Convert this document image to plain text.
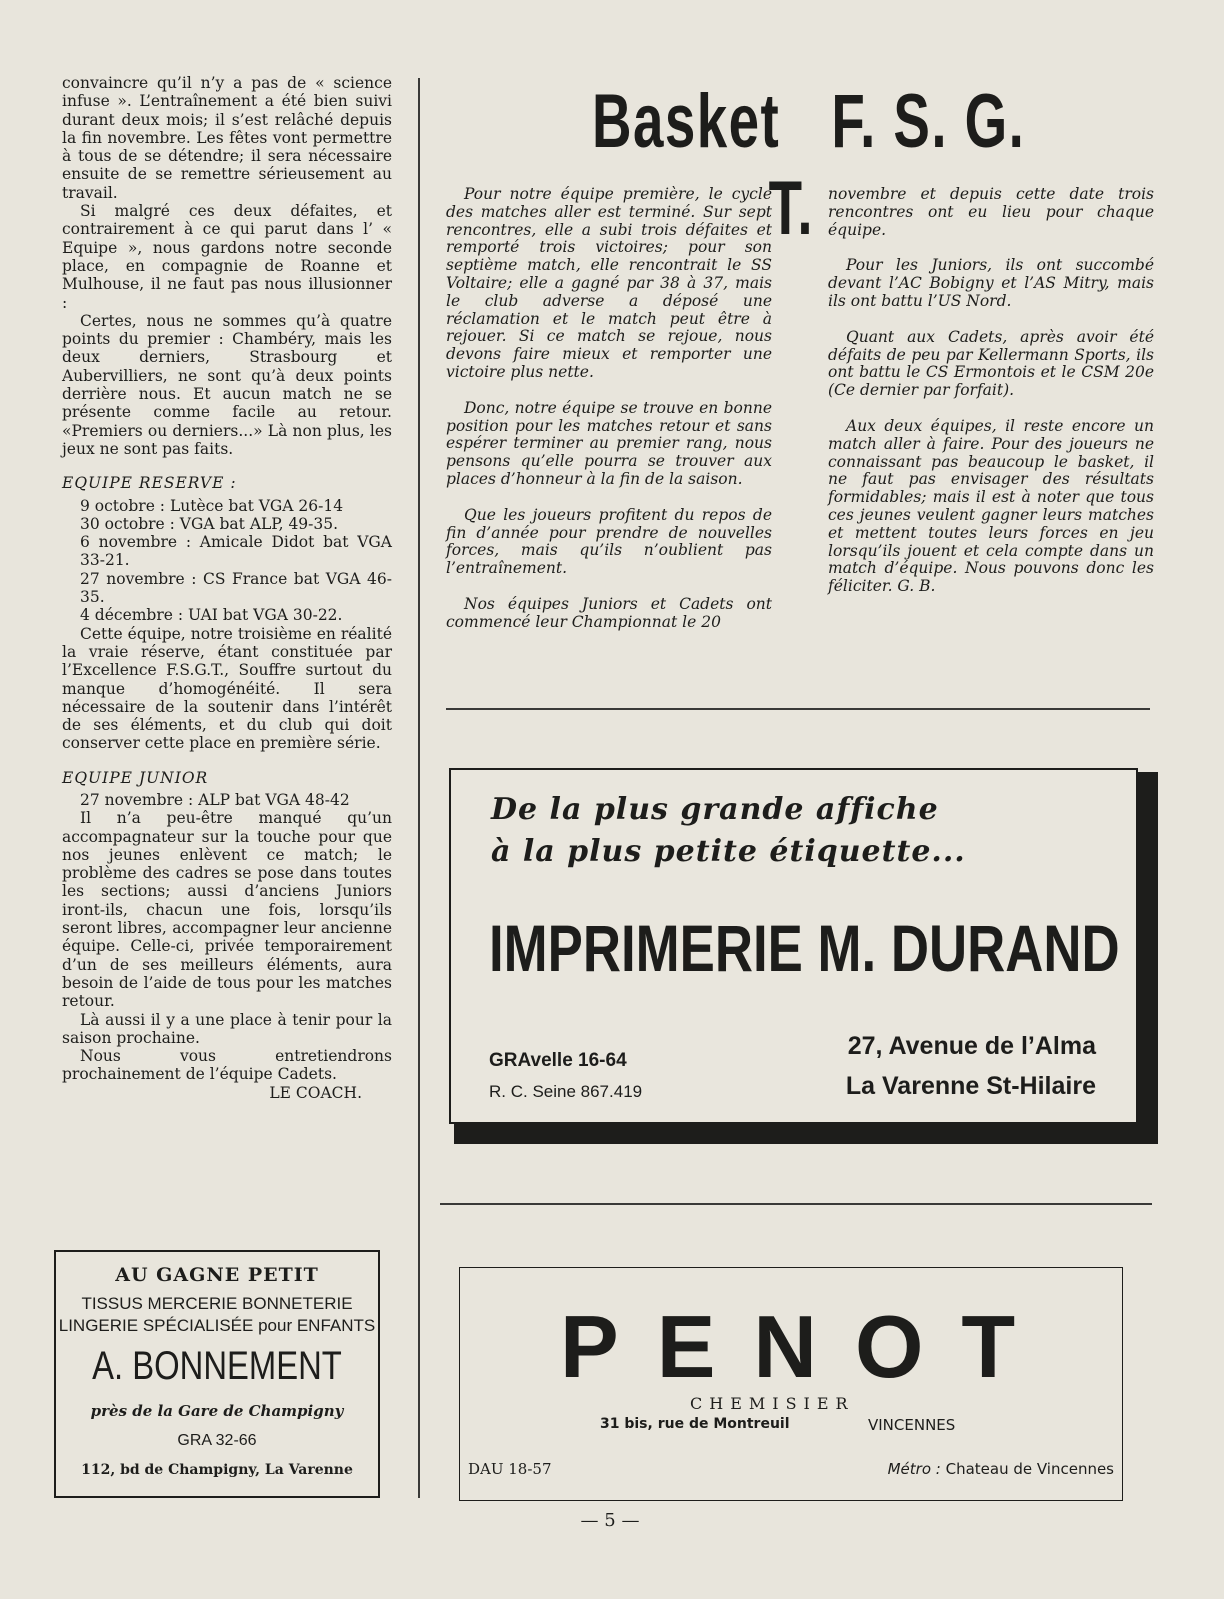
convaincre qu’il n’y a pas de « science infuse ». L’entraînement a été bien suivi durant deux mois; il s’est relâché depuis la fin novembre. Les fêtes vont permettre à tous de se détendre; il sera nécessaire ensuite de se remettre sérieusement au travail.

Si malgré ces deux défaites, et contrairement à ce qui parut dans l’ « Equipe », nous gardons notre seconde place, en compagnie de Roanne et Mulhouse, il ne faut pas nous illusionner :

Certes, nous ne sommes qu’à quatre points du premier : Chambéry, mais les deux derniers, Strasbourg et Aubervilliers, ne sont qu’à deux points derrière nous. Et aucun match ne se présente comme facile au retour. «Premiers ou derniers...» Là non plus, les jeux ne sont pas faits.

EQUIPE RESERVE :

9 octobre : Lutèce bat VGA 26-14
30 octobre : VGA bat ALP, 49-35.
6 novembre : Amicale Didot bat VGA 33-21.
27 novembre : CS France bat VGA 46-35.
4 décembre : UAI bat VGA 30-22.

Cette équipe, notre troisième en réalité la vraie réserve, étant constituée par l’Excellence F.S.G.T., Souffre surtout du manque d’homogénéité. Il sera nécessaire de la soutenir dans l’intérêt de ses éléments, et du club qui doit conserver cette place en première série.

EQUIPE JUNIOR

27 novembre : ALP bat VGA 48-42

Il n’a peu-être manqué qu’un accompagnateur sur la touche pour que nos jeunes enlèvent ce match; le problème des cadres se pose dans toutes les sections; aussi d’anciens Juniors iront-ils, chacun une fois, lorsqu’ils seront libres, accompagner leur ancienne équipe. Celle-ci, privée temporairement d’un de ses meilleurs éléments, aura besoin de l’aide de tous pour les matches retour.

Là aussi il y a une place à tenir pour la saison prochaine.

Nous vous entretiendrons prochainement de l’équipe Cadets.

LE COACH.

Basket F. S. G. T.

Pour notre équipe première, le cycle des matches aller est terminé. Sur sept rencontres, elle a subi trois défaites et remporté trois victoires; pour son septième match, elle rencontrait le SS Voltaire; elle a gagné par 38 à 37, mais le club adverse a déposé une réclamation et le match peut être à rejouer. Si ce match se rejoue, nous devons faire mieux et remporter une victoire plus nette.

Donc, notre équipe se trouve en bonne position pour les matches retour et sans espérer terminer au premier rang, nous pensons qu’elle pourra se trouver aux places d’honneur à la fin de la saison.

Que les joueurs profitent du repos de fin d’année pour prendre de nouvelles forces, mais qu’ils n’oublient pas l’entraînement.

Nos équipes Juniors et Cadets ont commencé leur Championnat le 20

novembre et depuis cette date trois rencontres ont eu lieu pour chaque équipe.

Pour les Juniors, ils ont succombé devant l’AC Bobigny et l’AS Mitry, mais ils ont battu l’US Nord.

Quant aux Cadets, après avoir été défaits de peu par Kellermann Sports, ils ont battu le CS Ermontois et le CSM 20e (Ce dernier par forfait).

Aux deux équipes, il reste encore un match aller à faire. Pour des joueurs ne connaissant pas beaucoup le basket, il ne faut pas envisager des résultats formidables; mais il est à noter que tous ces jeunes veulent gagner leurs matches et mettent toutes leurs forces en jeu lorsqu’ils jouent et cela compte dans un match d’équipe. Nous pouvons donc les féliciter. G. B.

De la plus grande affiche
à la plus petite étiquette...
IMPRIMERIE M. DURAND
GRAvelle 16-64
R. C. Seine 867.419
27, Avenue de l’Alma
La Varenne St-Hilaire
AU GAGNE PETIT
TISSUS MERCERIE BONNETERIE
LINGERIE SPÉCIALISÉE pour ENFANTS
A. BONNEMENT
près de la Gare de Champigny
GRA 32-66
112, bd de Champigny, La Varenne
PENOT
CHEMISIER
31 bis, rue de Montreuil	VINCENNES
DAU 18-57	Métro : Chateau de Vincennes
— 5 —
